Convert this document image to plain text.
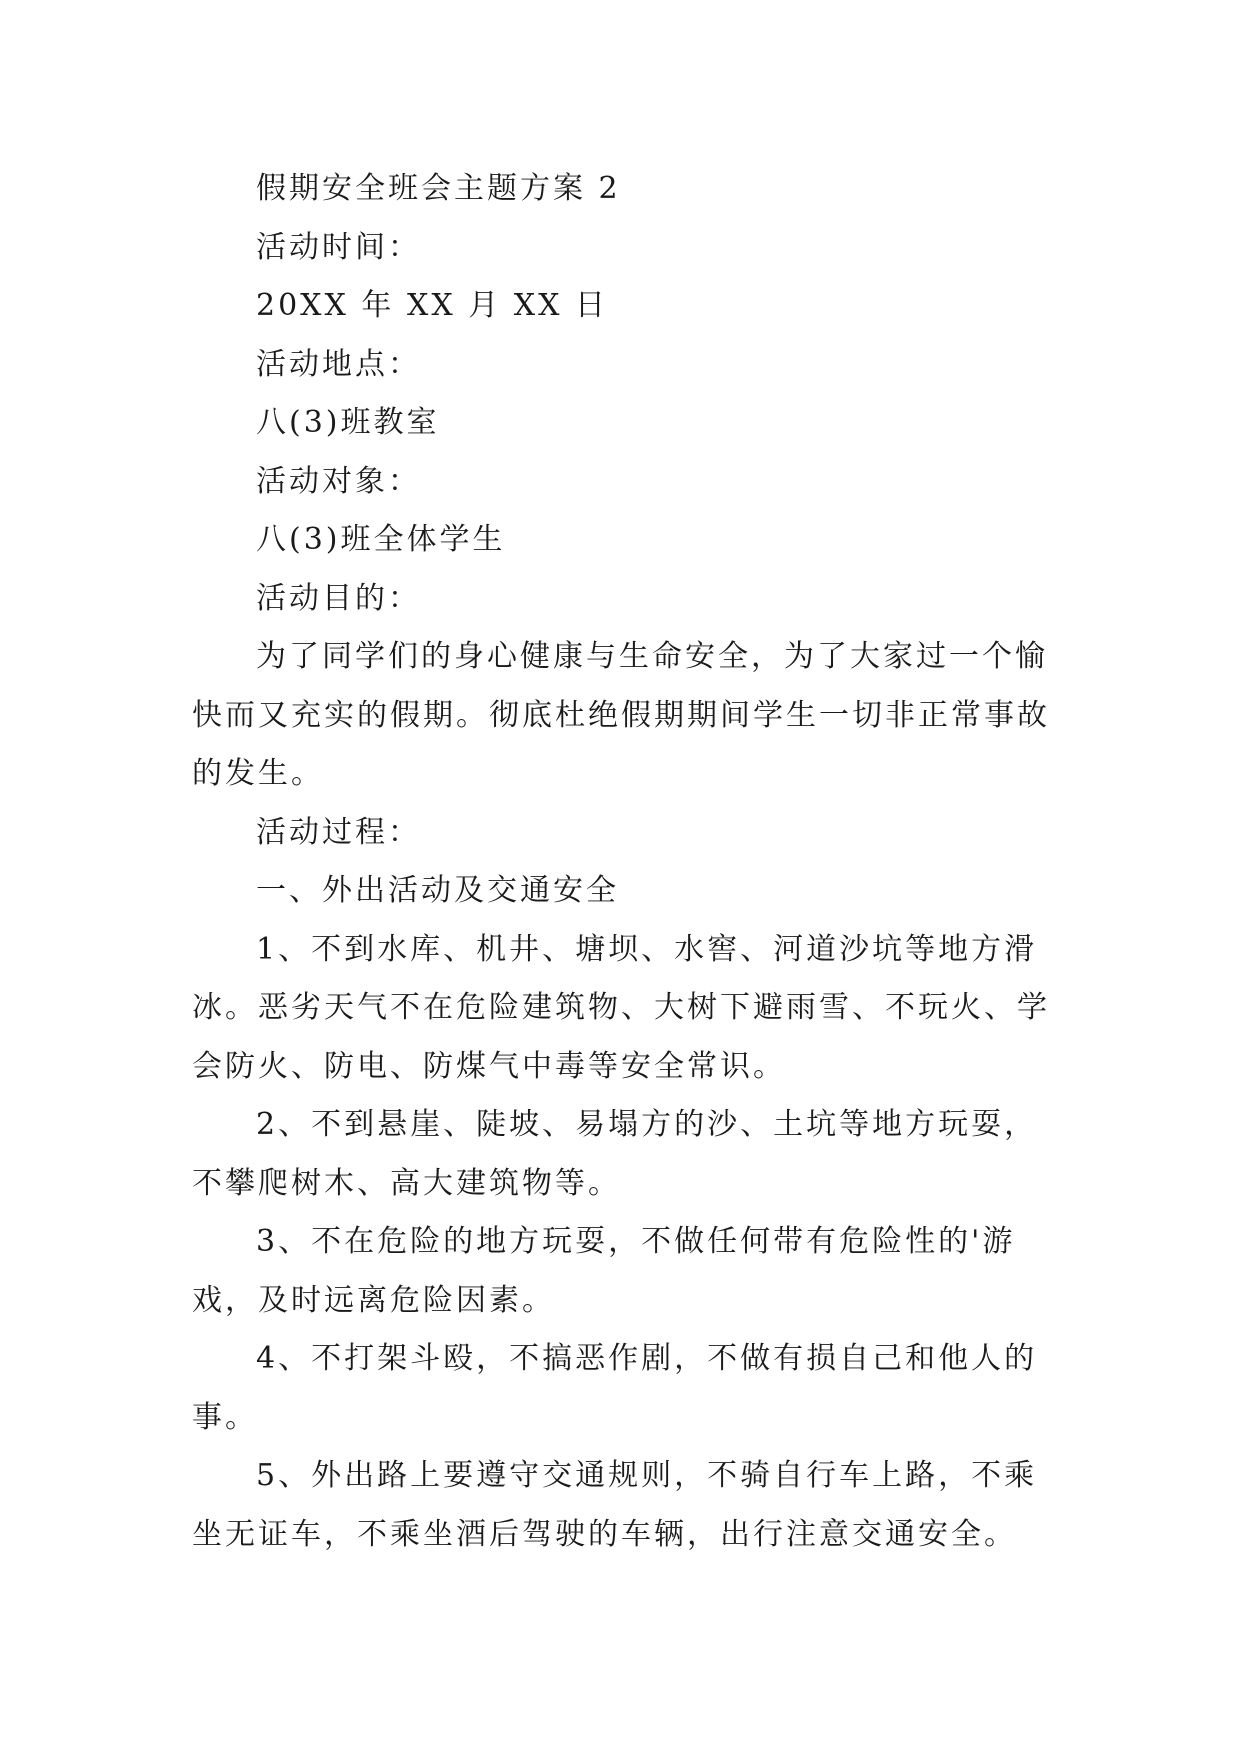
假期安全班会主题方案 2

活动时间：

20XX 年 XX 月 XX 日

活动地点：

八(3)班教室

活动对象：

八(3)班全体学生

活动目的：

为了同学们的身心健康与生命安全，为了大家过一个愉快而又充实的假期。彻底杜绝假期期间学生一切非正常事故的发生。

活动过程：

一、外出活动及交通安全

1、不到水库、机井、塘坝、水窖、河道沙坑等地方滑冰。恶劣天气不在危险建筑物、大树下避雨雪、不玩火、学会防火、防电、防煤气中毒等安全常识。

2、不到悬崖、陡坡、易塌方的沙、土坑等地方玩耍，不攀爬树木、高大建筑物等。

3、不在危险的地方玩耍，不做任何带有危险性的'游戏，及时远离危险因素。

4、不打架斗殴，不搞恶作剧，不做有损自己和他人的事。

5、外出路上要遵守交通规则，不骑自行车上路，不乘坐无证车，不乘坐酒后驾驶的车辆，出行注意交通安全。
